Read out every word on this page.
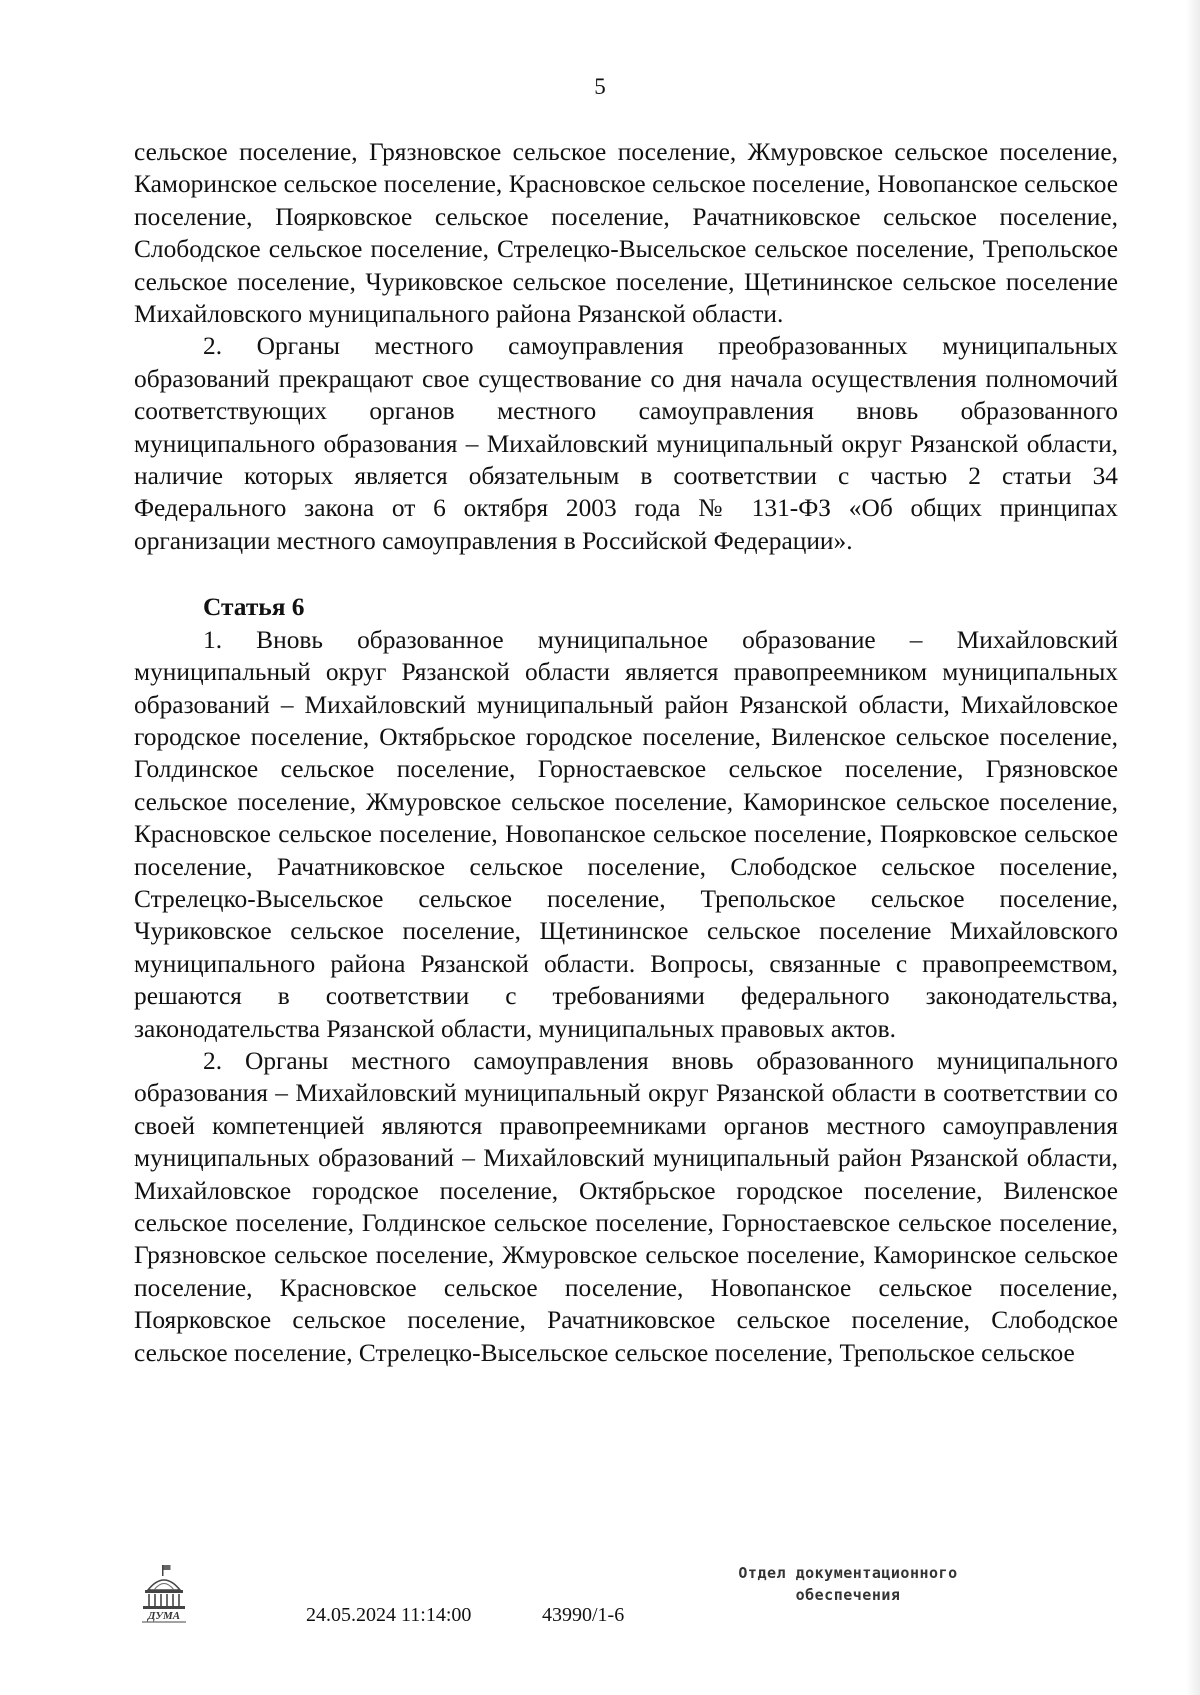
5

сельское поселение, Грязновское сельское поселение, Жмуровское сельское поселение, Каморинское сельское поселение, Красновское сельское поселение, Новопанское сельское поселение, Поярковское сельское поселение, Рачатниковское сельское поселение, Слободское сельское поселение, Стрелецко-Высельское сельское поселение, Трепольское сельское поселение, Чуриковское сельское поселение, Щетининское сельское поселение Михайловского муниципального района Рязанской области.

2. Органы местного самоуправления преобразованных муниципальных образований прекращают свое существование со дня начала осуществления полномочий соответствующих органов местного самоуправления вновь образованного муниципального образования – Михайловский муниципальный округ Рязанской области, наличие которых является обязательным в соответствии с частью 2 статьи 34 Федерального закона от 6 октября 2003 года № 131-ФЗ «Об общих принципах организации местного самоуправления в Российской Федерации».

Статья 6

1. Вновь образованное муниципальное образование – Михайловский муниципальный округ Рязанской области является правопреемником муниципальных образований – Михайловский муниципальный район Рязанской области, Михайловское городское поселение, Октябрьское городское поселение, Виленское сельское поселение, Голдинское сельское поселение, Горностаевское сельское поселение, Грязновское сельское поселение, Жмуровское сельское поселение, Каморинское сельское поселение, Красновское сельское поселение, Новопанское сельское поселение, Поярковское сельское поселение, Рачатниковское сельское поселение, Слободское сельское поселение, Стрелецко-Высельское сельское поселение, Трепольское сельское поселение, Чуриковское сельское поселение, Щетининское сельское поселение Михайловского муниципального района Рязанской области. Вопросы, связанные с правопреемством, решаются в соответствии с требованиями федерального законодательства, законодательства Рязанской области, муниципальных правовых актов.

2. Органы местного самоуправления вновь образованного муниципального образования – Михайловский муниципальный округ Рязанской области в соответствии со своей компетенцией являются правопреемниками органов местного самоуправления муниципальных образований – Михайловский муниципальный район Рязанской области, Михайловское городское поселение, Октябрьское городское поселение, Виленское сельское поселение, Голдинское сельское поселение, Горностаевское сельское поселение, Грязновское сельское поселение, Жмуровское сельское поселение, Каморинское сельское поселение, Красновское сельское поселение, Новопанское сельское поселение, Поярковское сельское поселение, Рачатниковское сельское поселение, Слободское сельское поселение, Стрелецко-Высельское сельское поселение, Трепольское сельское

ДУМА	24.05.2024 11:14:00	43990/1-6
Отдел документационного
обеспечения
